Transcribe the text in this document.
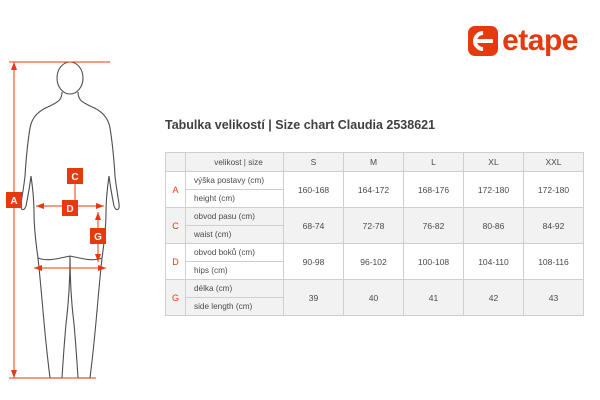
etape
A
C
D
G
Tabulka velikostí | Size chart Claudia 2538621
	velikost | size	S	M	L	XL	XXL
A	výška postavy (cm)
height (cm)	160-168	164-172	168-176	172-180	172-180
C	obvod pasu (cm)
waist (cm)	68-74	72-78	76-82	80-86	84-92
D	obvod boků (cm)
hips (cm)	90-98	96-102	100-108	104-110	108-116
G	délka (cm)
side length (cm)	39	40	41	42	43
